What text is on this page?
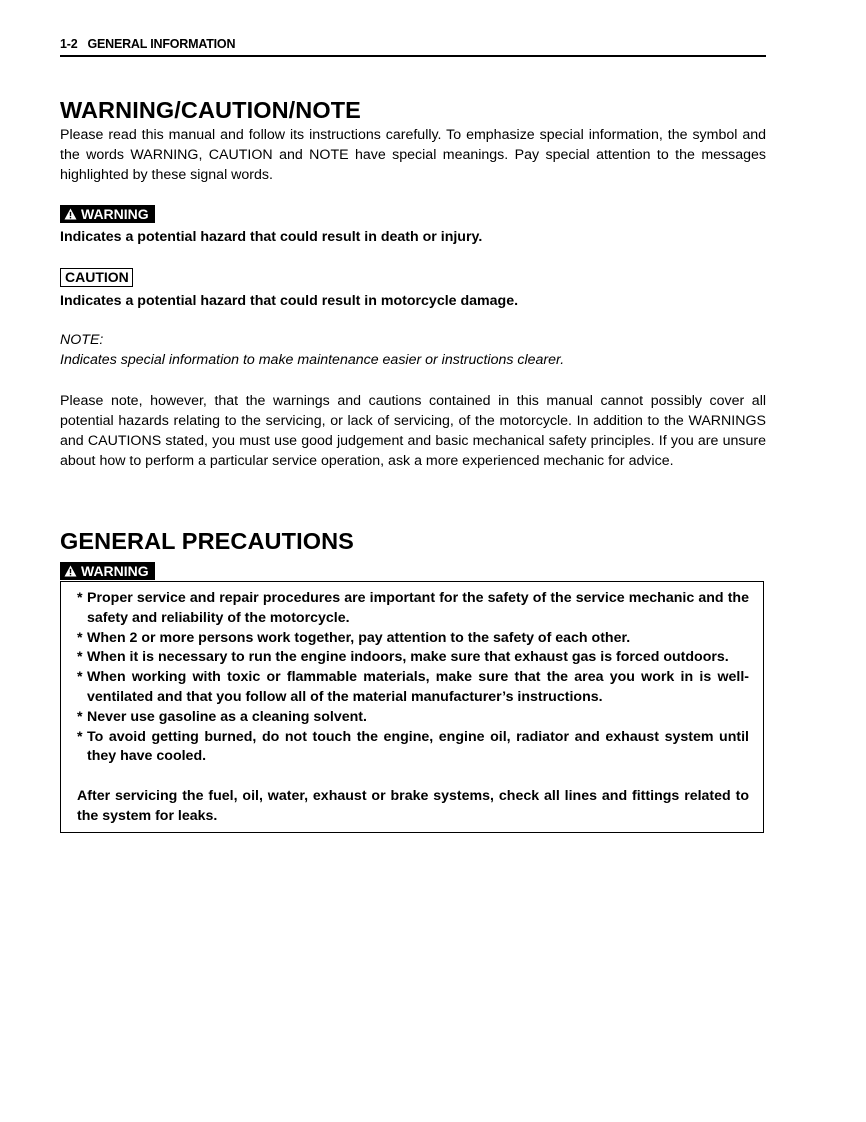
1-2 GENERAL INFORMATION
WARNING/CAUTION/NOTE

Please read this manual and follow its instructions carefully. To emphasize special information, the symbol and the words WARNING, CAUTION and NOTE have special meanings. Pay special attention to the messages highlighted by these signal words.

WARNING

Indicates a potential hazard that could result in death or injury.

CAUTION

Indicates a potential hazard that could result in motorcycle damage.

NOTE:

Indicates special information to make maintenance easier or instructions clearer.

Please note, however, that the warnings and cautions contained in this manual cannot possibly cover all potential hazards relating to the servicing, or lack of servicing, of the motorcycle. In addition to the WARNINGS and CAUTIONS stated, you must use good judgement and basic mechanical safety principles. If you are unsure about how to perform a particular service operation, ask a more experienced mechanic for advice.

GENERAL PRECAUTIONS
WARNING
* Proper service and repair procedures are important for the safety of the service mechanic and the safety and reliability of the motorcycle.
* When 2 or more persons work together, pay attention to the safety of each other.
* When it is necessary to run the engine indoors, make sure that exhaust gas is forced outdoors.
* When working with toxic or flammable materials, make sure that the area you work in is well-ventilated and that you follow all of the material manufacturer’s instructions.
* Never use gasoline as a cleaning solvent.
* To avoid getting burned, do not touch the engine, engine oil, radiator and exhaust system until they have cooled.

After servicing the fuel, oil, water, exhaust or brake systems, check all lines and fittings related to the system for leaks.
